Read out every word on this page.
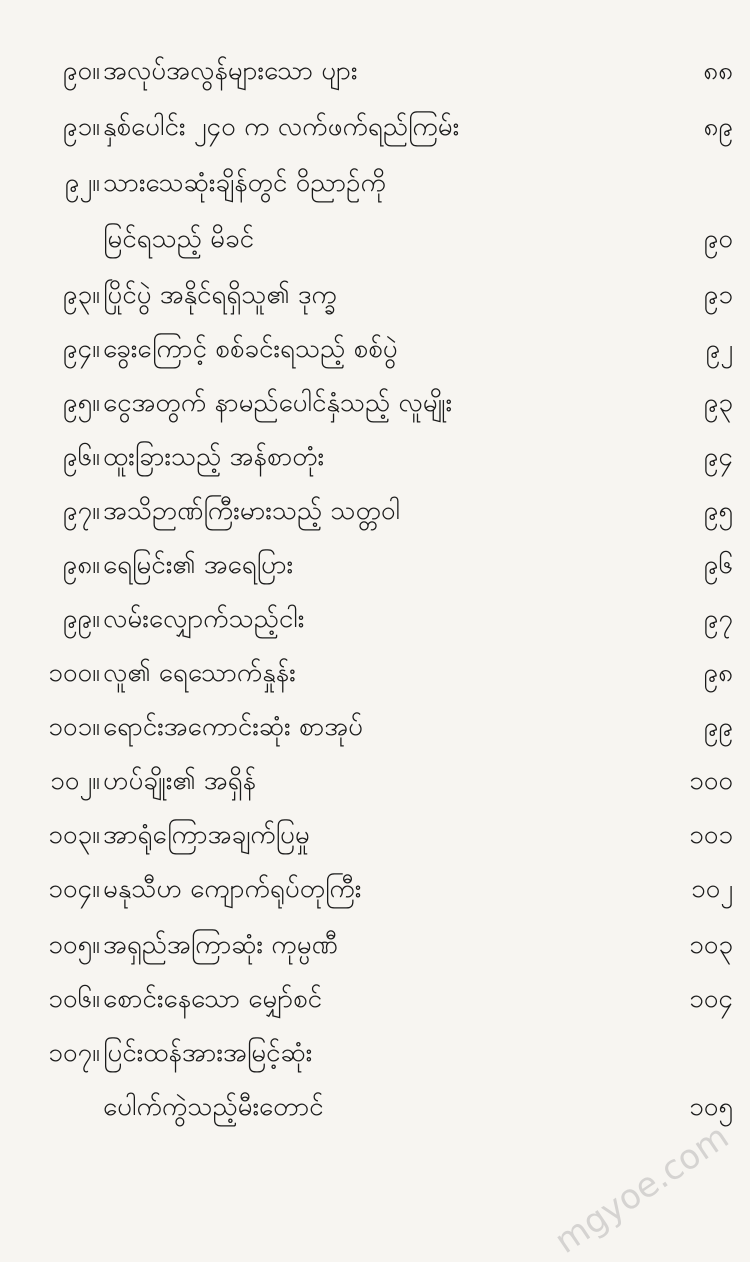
၉၀။ အလုပ်အလွန်များသော ပျား	၈၈
၉၁။ နှစ်ပေါင်း ၂၄၀ က လက်ဖက်ရည်ကြမ်း	၈၉
၉၂။ သားသေဆုံးချိန်တွင် ဝိညာဉ်ကို
မြင်ရသည့် မိခင်	၉၀
၉၃။ ပြိုင်ပွဲ အနိုင်ရရှိသူ၏ ဒုက္ခ	၉၁
၉၄။ ခွေးကြောင့် စစ်ခင်းရသည့် စစ်ပွဲ	၉၂
၉၅။ ငွေအတွက် နာမည်ပေါင်နှံသည့် လူမျိုး	၉၃
၉၆။ ထူးခြားသည့် အန်စာတုံး	၉၄
၉၇။ အသိဉာဏ်ကြီးမားသည့် သတ္တဝါ	၉၅
၉၈။ ရေမြင်း၏ အရေပြား	၉၆
၉၉။ လမ်းလျှောက်သည့်ငါး	၉၇
၁၀၀။ လူ၏ ရေသောက်နှုန်း	၉၈
၁၀၁။ ရောင်းအကောင်းဆုံး စာအုပ်	၉၉
၁၀၂။ ဟပ်ချိုး၏ အရှိန်	၁၀၀
၁၀၃။ အာရုံကြောအချက်ပြမှု	၁၀၁
၁၀၄။ မနုသီဟ ကျောက်ရုပ်တုကြီး	၁၀၂
၁၀၅။ အရှည်အကြာဆုံး ကုမ္ပဏီ	၁၀၃
၁၀၆။ စောင်းနေသော မျှော်စင်	၁၀၄
၁၀၇။ ပြင်းထန်အားအမြင့်ဆုံး
ပေါက်ကွဲသည့်မီးတောင်	၁၀၅
mgyoe.com
